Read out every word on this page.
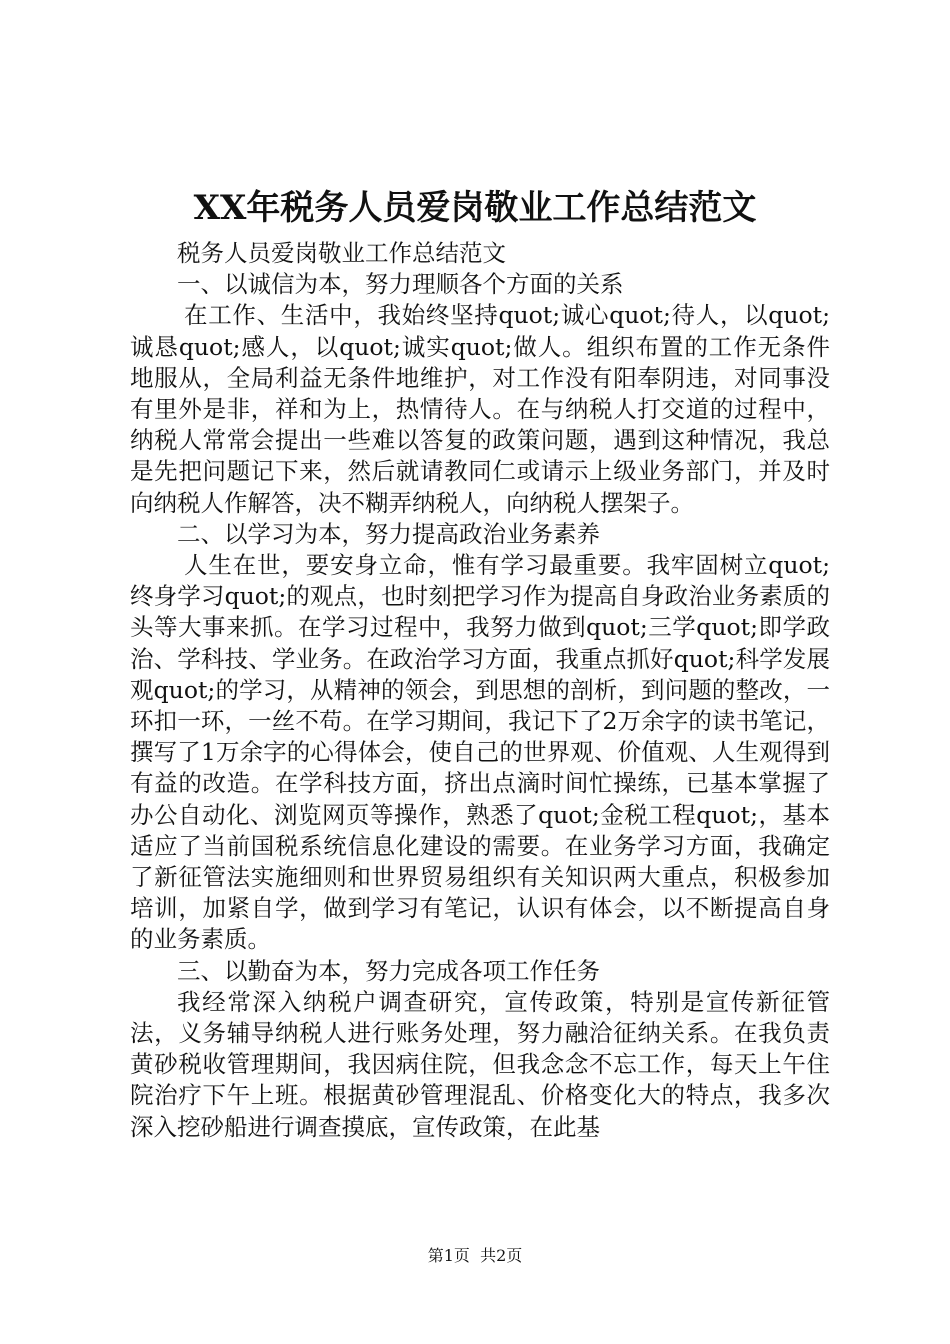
XX年税务人员爱岗敬业工作总结范文

税务人员爱岗敬业工作总结范文

一、以诚信为本，努力理顺各个方面的关系

在工作、生活中，我始终坚持quot;诚心quot;待人，以quot;诚恳quot;感人，以quot;诚实quot;做人。组织布置的工作无条件地服从，全局利益无条件地维护，对工作没有阳奉阴违，对同事没有里外是非，祥和为上，热情待人。在与纳税人打交道的过程中，纳税人常常会提出一些难以答复的政策问题，遇到这种情况，我总是先把问题记下来，然后就请教同仁或请示上级业务部门，并及时向纳税人作解答，决不糊弄纳税人，向纳税人摆架子。

二、以学习为本，努力提高政治业务素养

人生在世，要安身立命，惟有学习最重要。我牢固树立quot;终身学习quot;的观点，也时刻把学习作为提高自身政治业务素质的头等大事来抓。在学习过程中，我努力做到quot;三学quot;即学政治、学科技、学业务。在政治学习方面，我重点抓好quot;科学发展观quot;的学习，从精神的领会，到思想的剖析，到问题的整改，一环扣一环，一丝不苟。在学习期间，我记下了2万余字的读书笔记，撰写了1万余字的心得体会，使自己的世界观、价值观、人生观得到有益的改造。在学科技方面，挤出点滴时间忙操练，已基本掌握了办公自动化、浏览网页等操作，熟悉了quot;金税工程quot;，基本适应了当前国税系统信息化建设的需要。在业务学习方面，我确定了新征管法实施细则和世界贸易组织有关知识两大重点，积极参加培训，加紧自学，做到学习有笔记，认识有体会，以不断提高自身的业务素质。

三、以勤奋为本，努力完成各项工作任务

我经常深入纳税户调查研究，宣传政策，特别是宣传新征管法，义务辅导纳税人进行账务处理，努力融洽征纳关系。在我负责黄砂税收管理期间，我因病住院，但我念念不忘工作，每天上午住院治疗下午上班。根据黄砂管理混乱、价格变化大的特点，我多次深入挖砂船进行调查摸底，宣传政策，在此基

第1页 共2页
